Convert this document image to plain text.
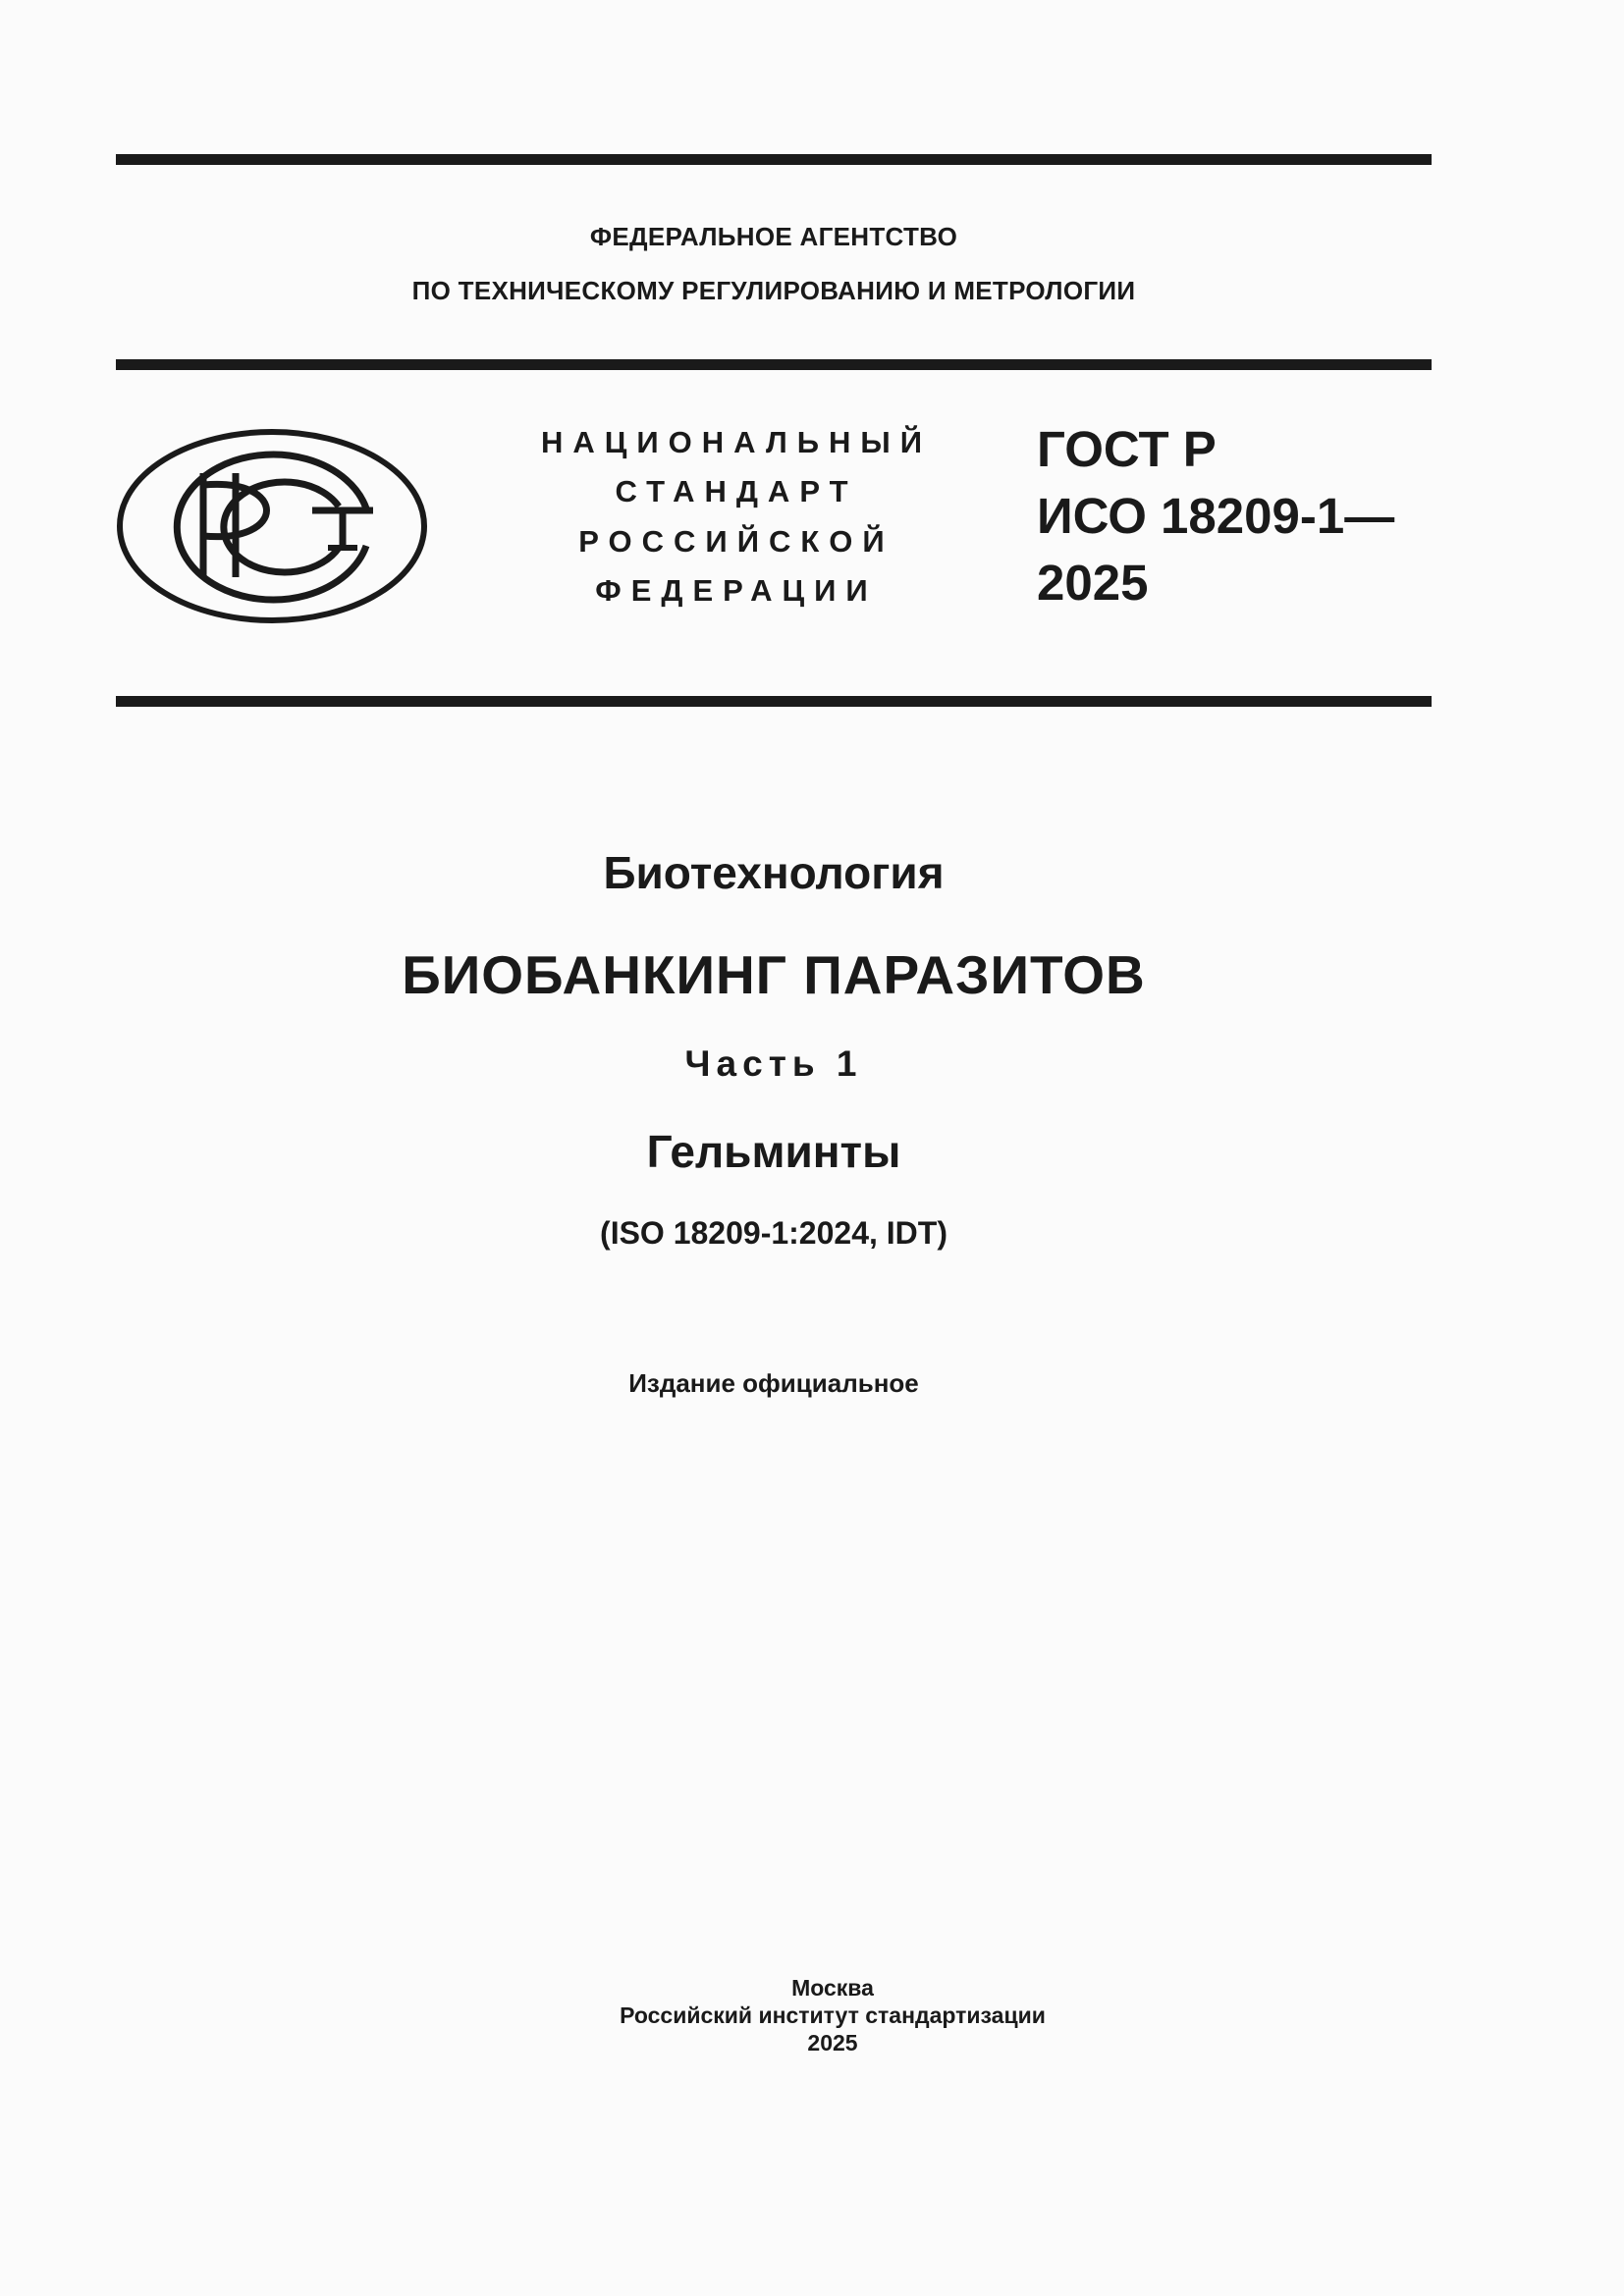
ФЕДЕРАЛЬНОЕ АГЕНТСТВО
ПО ТЕХНИЧЕСКОМУ РЕГУЛИРОВАНИЮ И МЕТРОЛОГИИ
НАЦИОНАЛЬНЫЙ
СТАНДАРТ
РОССИЙСКОЙ
ФЕДЕРАЦИИ
ГОСТ Р
ИСО 18209-1—
2025
Биотехнология
БИОБАНКИНГ ПАРАЗИТОВ
Часть 1
Гельминты
(ISO 18209-1:2024, IDT)
Издание официальное
Москва
Российский институт стандартизации
2025
